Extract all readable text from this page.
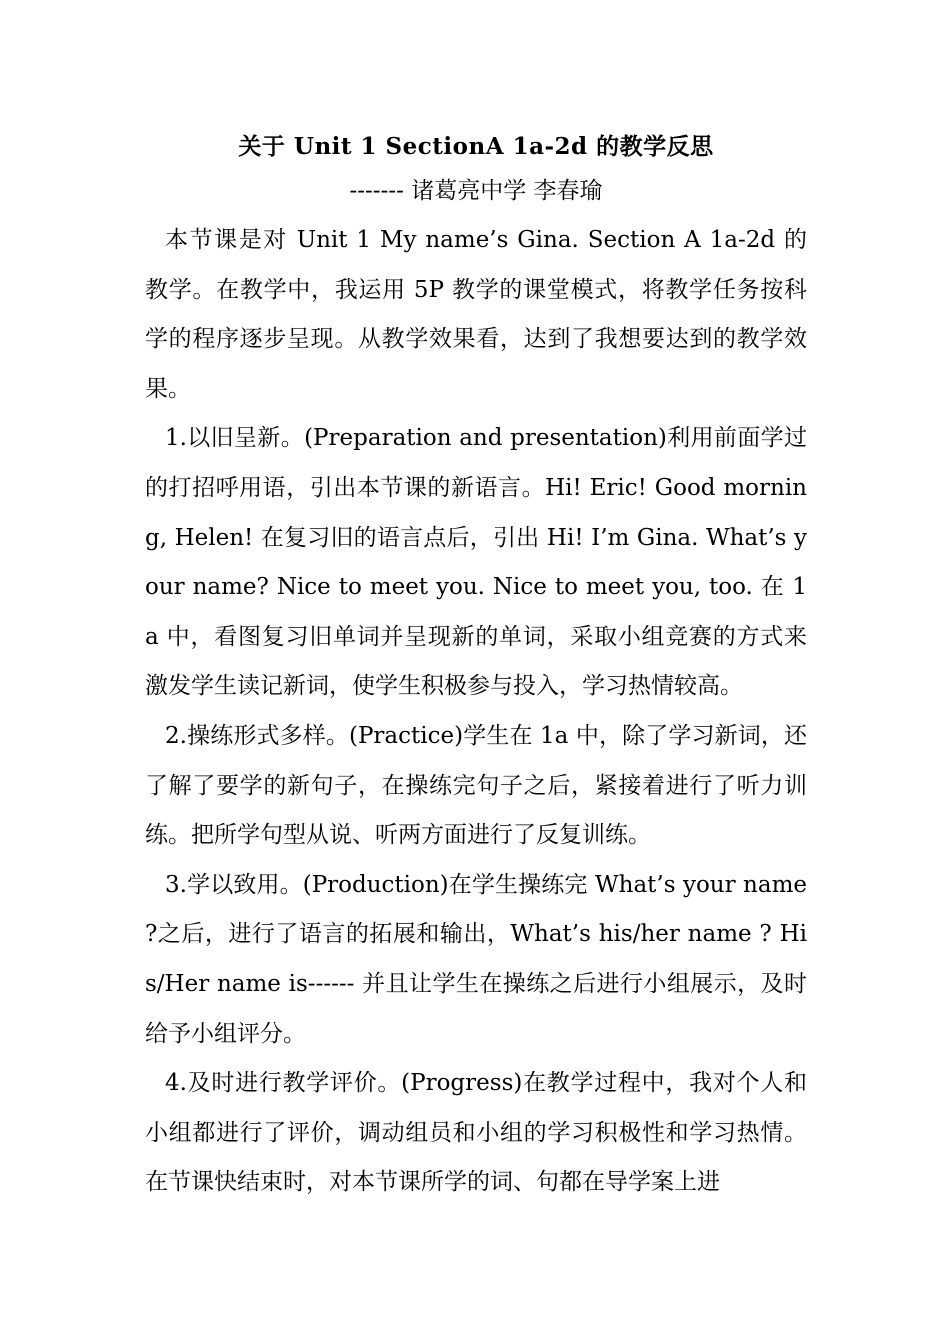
关于 Unit 1 SectionA 1a-2d 的教学反思
------- 诸葛亮中学 李春瑜

本节课是对 Unit 1 My name’s Gina. Section A 1a-2d 的教学。在教学中，我运用 5P 教学的课堂模式，将教学任务按科学的程序逐步呈现。从教学效果看，达到了我想要达到的教学效果。

1.以旧呈新。(Preparation and presentation)利用前面学过的打招呼用语，引出本节课的新语言。Hi! Eric! Good morning, Helen! 在复习旧的语言点后，引出 Hi! I’m Gina. What’s your name? Nice to meet you. Nice to meet you, too. 在 1a 中，看图复习旧单词并呈现新的单词，采取小组竞赛的方式来激发学生读记新词，使学生积极参与投入，学习热情较高。

2.操练形式多样。(Practice)学生在 1a 中，除了学习新词，还了解了要学的新句子，在操练完句子之后，紧接着进行了听力训练。把所学句型从说、听两方面进行了反复训练。

3.学以致用。(Production)在学生操练完 What’s your name ?之后，进行了语言的拓展和输出，What’s his/her name ? His/Her name is------ 并且让学生在操练之后进行小组展示，及时给予小组评分。

4.及时进行教学评价。(Progress)在教学过程中，我对个人和小组都进行了评价，调动组员和小组的学习积极性和学习热情。在节课快结束时，对本节课所学的词、句都在导学案上进
